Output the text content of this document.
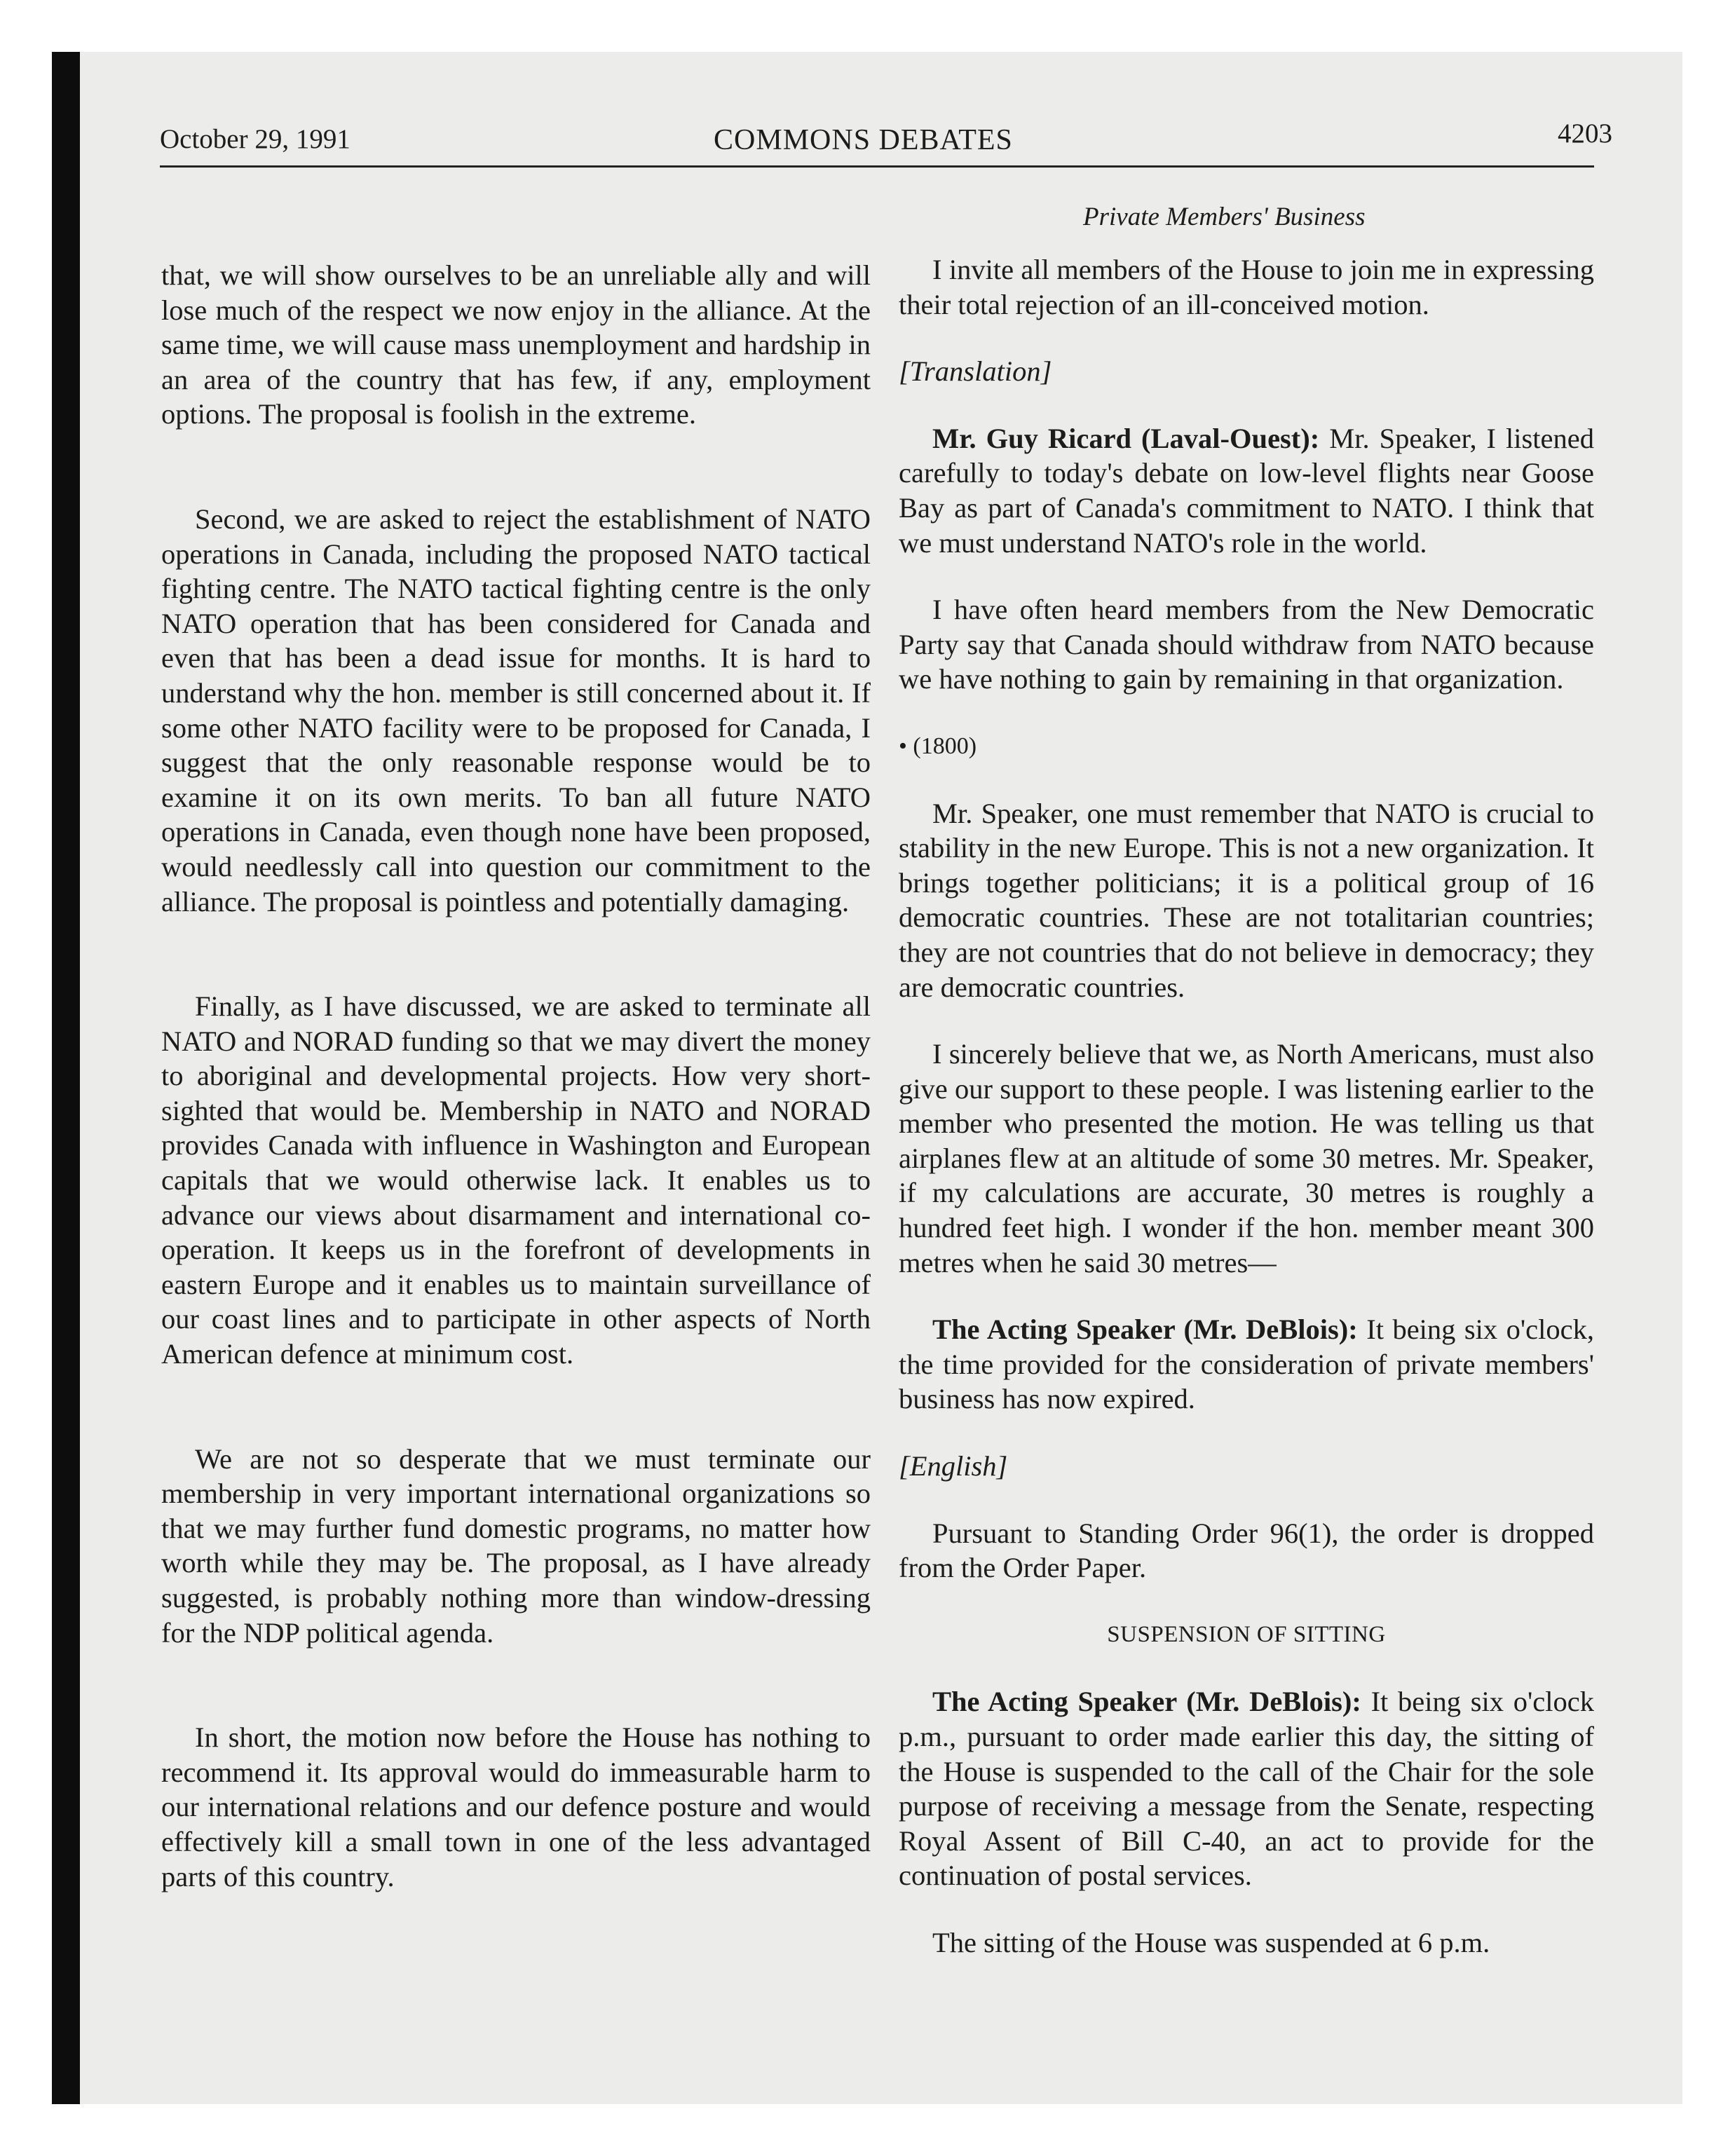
October 29, 1991	COMMONS DEBATES	4203
Private Members' Business

that, we will show ourselves to be an unreliable ally and will lose much of the respect we now enjoy in the alliance. At the same time, we will cause mass unemployment and hardship in an area of the country that has few, if any, employment options. The proposal is foolish in the extreme.

Second, we are asked to reject the establishment of NATO operations in Canada, including the proposed NATO tactical fighting centre. The NATO tactical fighting centre is the only NATO operation that has been considered for Canada and even that has been a dead issue for months. It is hard to understand why the hon. member is still concerned about it. If some other NATO facility were to be proposed for Canada, I suggest that the only reasonable response would be to examine it on its own merits. To ban all future NATO operations in Canada, even though none have been proposed, would needlessly call into question our commitment to the alliance. The proposal is pointless and potentially damaging.

Finally, as I have discussed, we are asked to terminate all NATO and NORAD funding so that we may divert the money to aboriginal and developmental projects. How very short-sighted that would be. Membership in NATO and NORAD provides Canada with influence in Washington and European capitals that we would otherwise lack. It enables us to advance our views about disarmament and international co-operation. It keeps us in the forefront of developments in eastern Europe and it enables us to maintain surveillance of our coast lines and to participate in other aspects of North American defence at minimum cost.

We are not so desperate that we must terminate our membership in very important international organizations so that we may further fund domestic programs, no matter how worth while they may be. The proposal, as I have already suggested, is probably nothing more than window-dressing for the NDP political agenda.

In short, the motion now before the House has nothing to recommend it. Its approval would do immeasurable harm to our international relations and our defence posture and would effectively kill a small town in one of the less advantaged parts of this country.

I invite all members of the House to join me in expressing their total rejection of an ill-conceived motion.

[Translation]

Mr. Guy Ricard (Laval-Ouest): Mr. Speaker, I listened carefully to today's debate on low-level flights near Goose Bay as part of Canada's commitment to NATO. I think that we must understand NATO's role in the world.

I have often heard members from the New Democratic Party say that Canada should withdraw from NATO because we have nothing to gain by remaining in that organization.

• (1800)

Mr. Speaker, one must remember that NATO is crucial to stability in the new Europe. This is not a new organization. It brings together politicians; it is a political group of 16 democratic countries. These are not totalitarian countries; they are not countries that do not believe in democracy; they are democratic countries.

I sincerely believe that we, as North Americans, must also give our support to these people. I was listening earlier to the member who presented the motion. He was telling us that airplanes flew at an altitude of some 30 metres. Mr. Speaker, if my calculations are accurate, 30 metres is roughly a hundred feet high. I wonder if the hon. member meant 300 metres when he said 30 metres—

The Acting Speaker (Mr. DeBlois): It being six o'clock, the time provided for the consideration of private members' business has now expired.

[English]

Pursuant to Standing Order 96(1), the order is dropped from the Order Paper.

SUSPENSION OF SITTING

The Acting Speaker (Mr. DeBlois): It being six o'clock p.m., pursuant to order made earlier this day, the sitting of the House is suspended to the call of the Chair for the sole purpose of receiving a message from the Senate, respecting Royal Assent of Bill C-40, an act to provide for the continuation of postal services.

The sitting of the House was suspended at 6 p.m.
